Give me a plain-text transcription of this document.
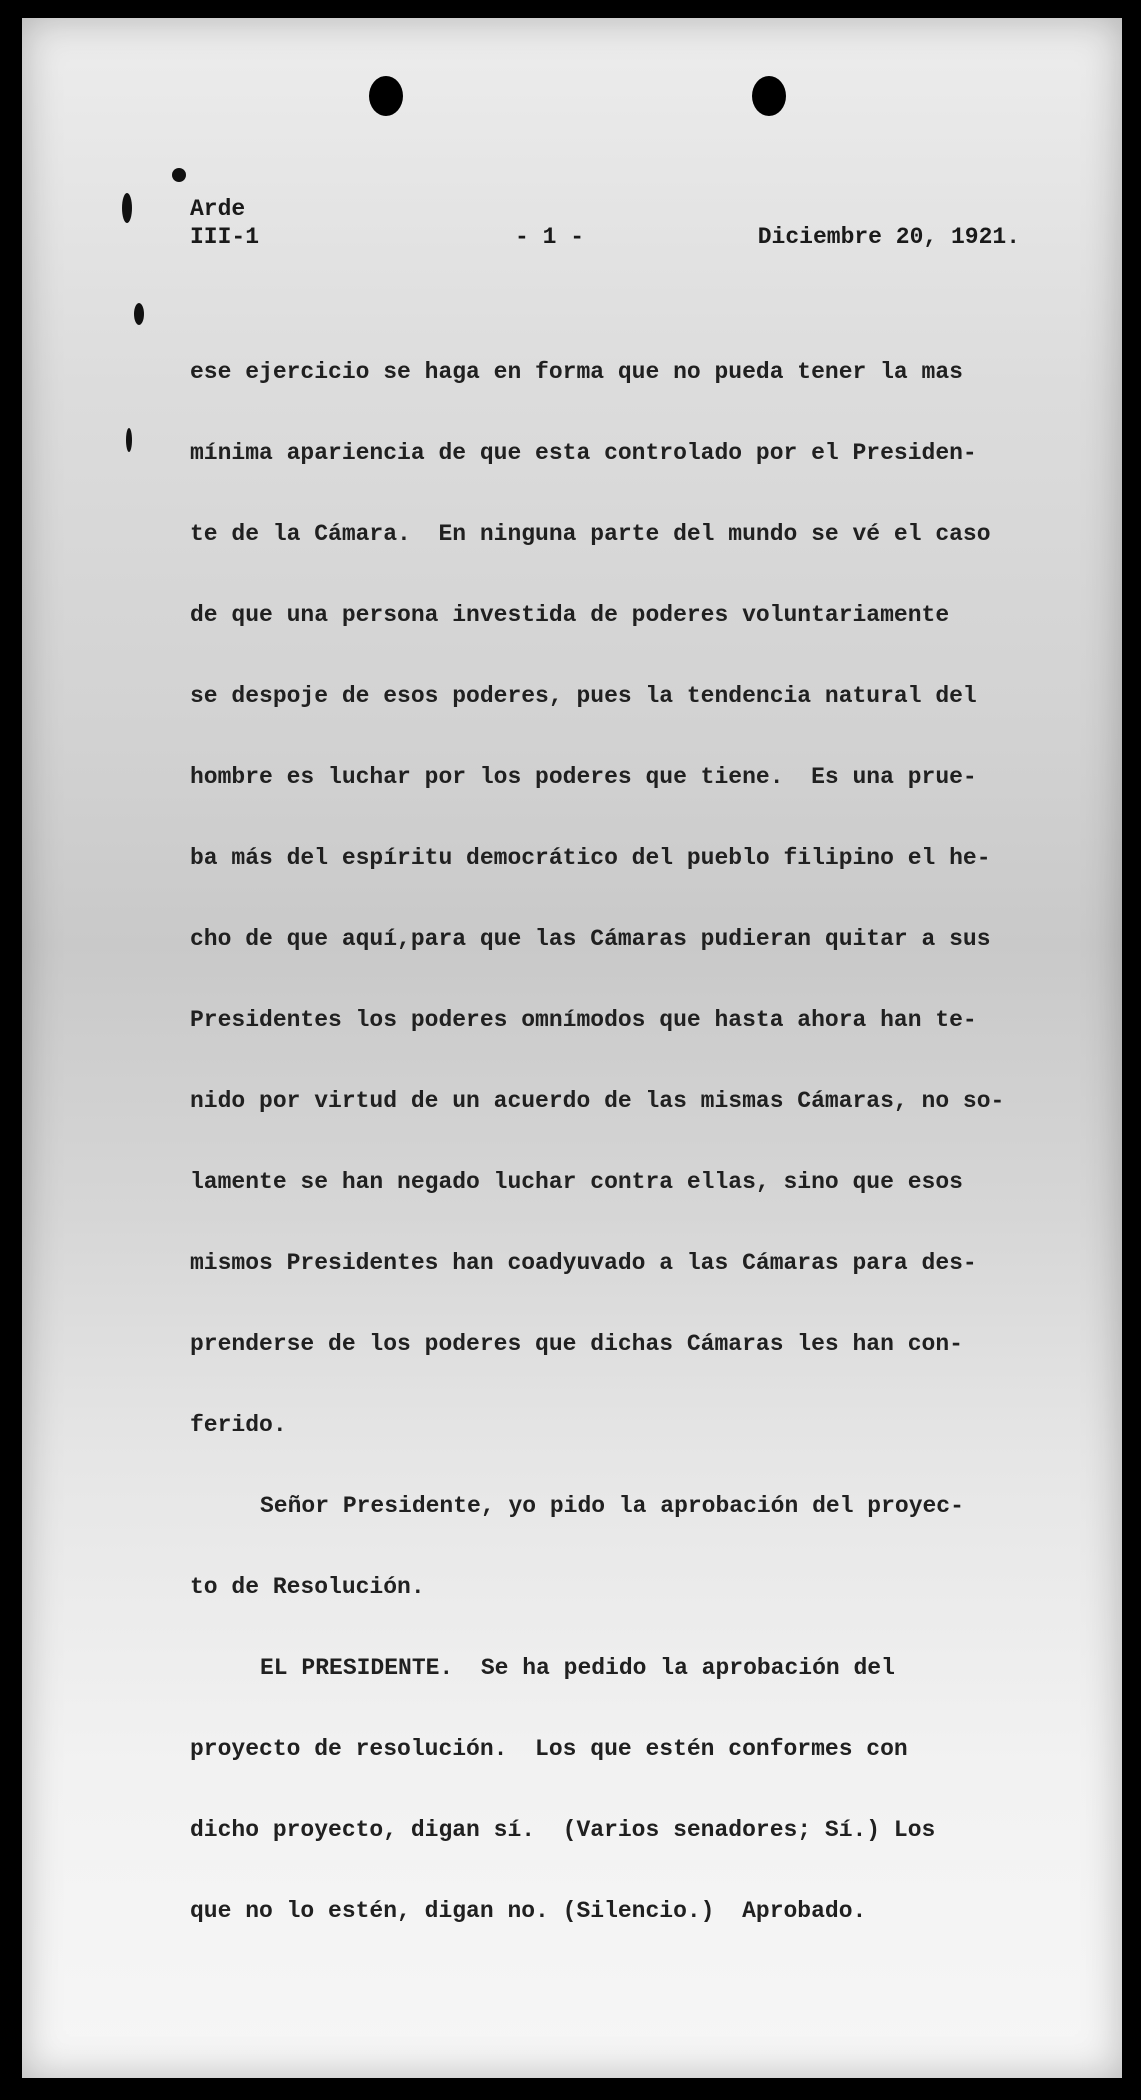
Arde
III-1	- 1 -	Diciembre 20, 1921.
ese ejercicio se haga en forma que no pueda tener la mas
mínima apariencia de que esta controlado por el Presiden-
te de la Cámara.  En ninguna parte del mundo se vé el caso
de que una persona investida de poderes voluntariamente
se despoje de esos poderes, pues la tendencia natural del
hombre es luchar por los poderes que tiene.  Es una prue-
ba más del espíritu democrático del pueblo filipino el he-
cho de que aquí,para que las Cámaras pudieran quitar a sus
Presidentes los poderes omnímodos que hasta ahora han te-
nido por virtud de un acuerdo de las mismas Cámaras, no so-
lamente se han negado luchar contra ellas, sino que esos
mismos Presidentes han coadyuvado a las Cámaras para des-
prenderse de los poderes que dichas Cámaras les han con-
ferido.
Señor Presidente, yo pido la aprobación del proyec-
to de Resolución.
EL PRESIDENTE.  Se ha pedido la aprobación del
proyecto de resolución.  Los que estén conformes con
dicho proyecto, digan sí.  (Varios senadores; Sí.) Los
que no lo estén, digan no. (Silencio.)  Aprobado.
